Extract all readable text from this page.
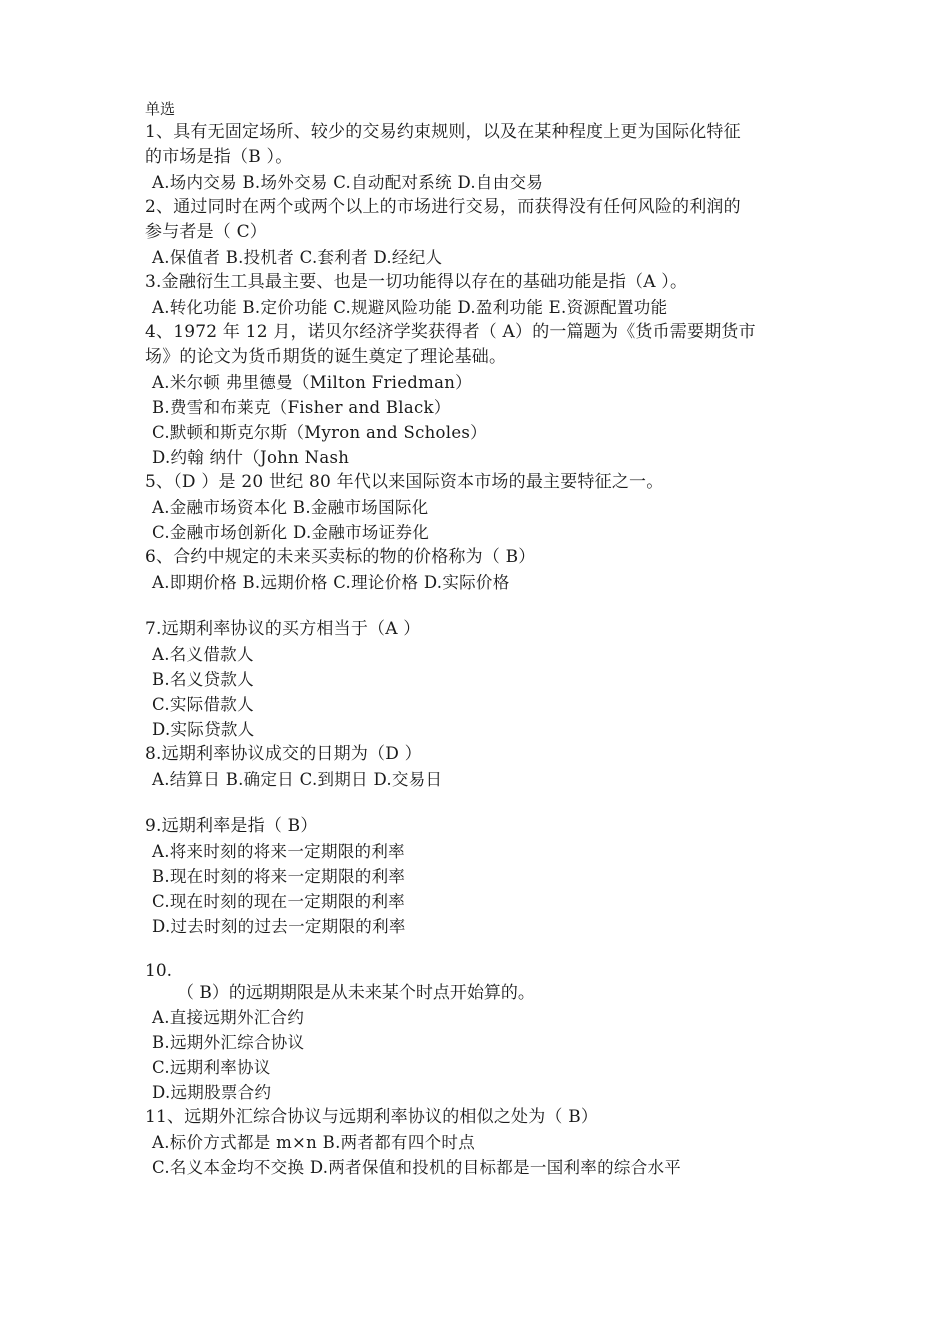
单选

1、具有无固定场所、较少的交易约束规则，以及在某种程度上更为国际化特征

的市场是指（B ）。

A.场内交易 B.场外交易 C.自动配对系统 D.自由交易

2、通过同时在两个或两个以上的市场进行交易，而获得没有任何风险的利润的

参与者是（ C）

A.保值者 B.投机者 C.套利者 D.经纪人

3.金融衍生工具最主要、也是一切功能得以存在的基础功能是指（A ）。

A.转化功能 B.定价功能 C.规避风险功能 D.盈利功能 E.资源配置功能

4、1972 年 12 月，诺贝尔经济学奖获得者（ A）的一篇题为《货币需要期货市

场》的论文为货币期货的诞生奠定了理论基础。

A.米尔顿 弗里德曼（Milton Friedman）

B.费雪和布莱克（Fisher and Black）

C.默顿和斯克尔斯（Myron and Scholes）

D.约翰 纳什（John Nash

5、（D ）是 20 世纪 80 年代以来国际资本市场的最主要特征之一。

A.金融市场资本化 B.金融市场国际化

C.金融市场创新化 D.金融市场证券化

6、合约中规定的未来买卖标的物的价格称为（ B）

A.即期价格 B.远期价格 C.理论价格 D.实际价格

7.远期利率协议的买方相当于（A ）

A.名义借款人

B.名义贷款人

C.实际借款人

D.实际贷款人

8.远期利率协议成交的日期为（D ）

A.结算日 B.确定日 C.到期日 D.交易日

9.远期利率是指（ B）

A.将来时刻的将来一定期限的利率

B.现在时刻的将来一定期限的利率

C.现在时刻的现在一定期限的利率

D.过去时刻的过去一定期限的利率

10.

（ B）的远期期限是从未来某个时点开始算的。

A.直接远期外汇合约

B.远期外汇综合协议

C.远期利率协议

D.远期股票合约

11、远期外汇综合协议与远期利率协议的相似之处为（ B）

A.标价方式都是 m×n B.两者都有四个时点

C.名义本金均不交换 D.两者保值和投机的目标都是一国利率的综合水平
